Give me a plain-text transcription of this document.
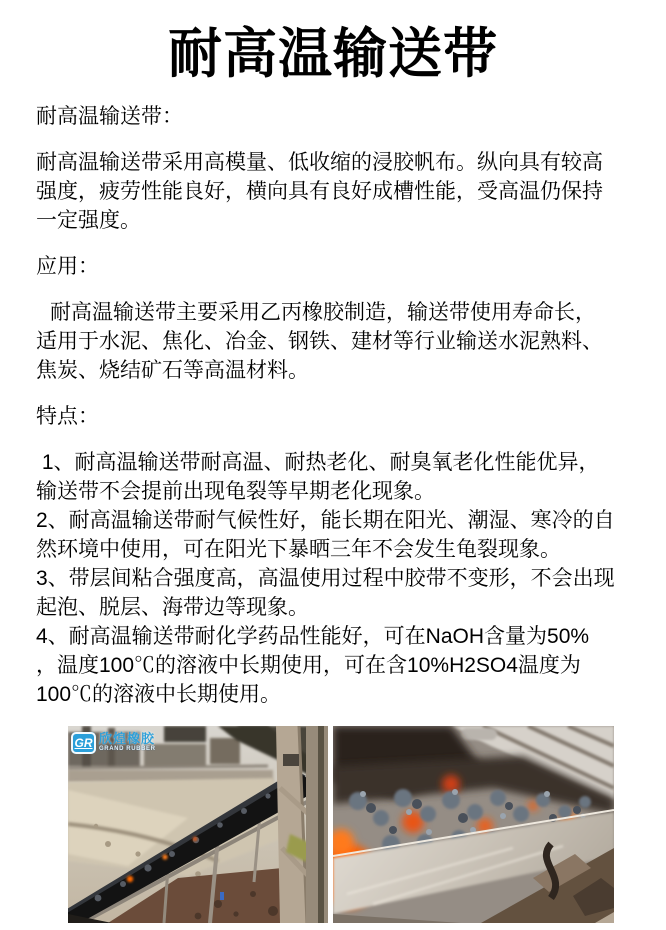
耐高温输送带

耐高温输送带：

耐高温输送带采用高模量、低收缩的浸胶帆布。纵向具有较高
强度，疲劳性能良好，横向具有良好成槽性能，受高温仍保持
一定强度。

应用：

耐高温输送带主要采用乙丙橡胶制造，输送带使用寿命长，
适用于水泥、焦化、冶金、钢铁、建材等行业输送水泥熟料、
焦炭、烧结矿石等高温材料。

特点：

1、耐高温输送带耐高温、耐热老化、耐臭氧老化性能优异，
输送带不会提前出现龟裂等早期老化现象。
2、耐高温输送带耐气候性好，能长期在阳光、潮湿、寒冷的自
然环境中使用，可在阳光下暴晒三年不会发生龟裂现象。
3、带层间粘合强度高，高温使用过程中胶带不变形，不会出现
起泡、脱层、海带边等现象。
4、耐高温输送带耐化学药品性能好，可在NaOH含量为50%
，温度100℃的溶液中长期使用，可在含10%H2SO4温度为
100℃的溶液中长期使用。

GR 欣煌橡胶
GRAND RUBBER
